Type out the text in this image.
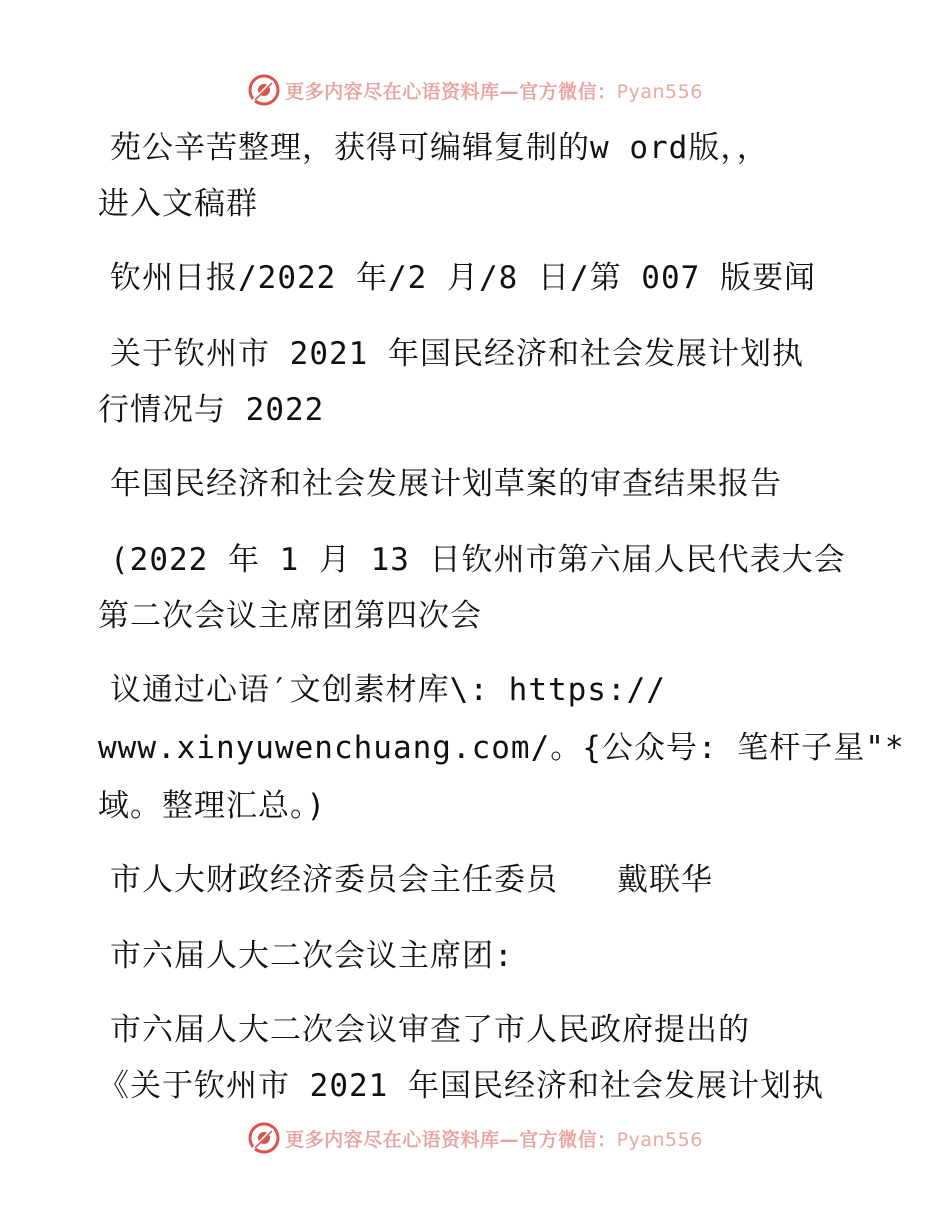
更多内容尽在心语资料库—官方微信：Pyan556
苑公辛苦整理，获得可编辑复制的w ord版，，
进入文稿群
钦州日报/2022 年/2 月/8 日/第 007 版要闻
关于钦州市 2021 年国民经济和社会发展计划执
行情况与 2022
年国民经济和社会发展计划草案的审查结果报告
(2022 年 1 月 13 日钦州市第六届人民代表大会
第二次会议主席团第四次会
议通过心语′文创素材库\: https://
www.xinyuwenchuang.com/。{公众号: 笔杆子星"*
域。整理汇总。)
市人大财政经济委员会主任委员   戴联华
市六届人大二次会议主席团:
市六届人大二次会议审查了市人民政府提出的
《关于钦州市 2021 年国民经济和社会发展计划执
更多内容尽在心语资料库—官方微信：Pyan556
